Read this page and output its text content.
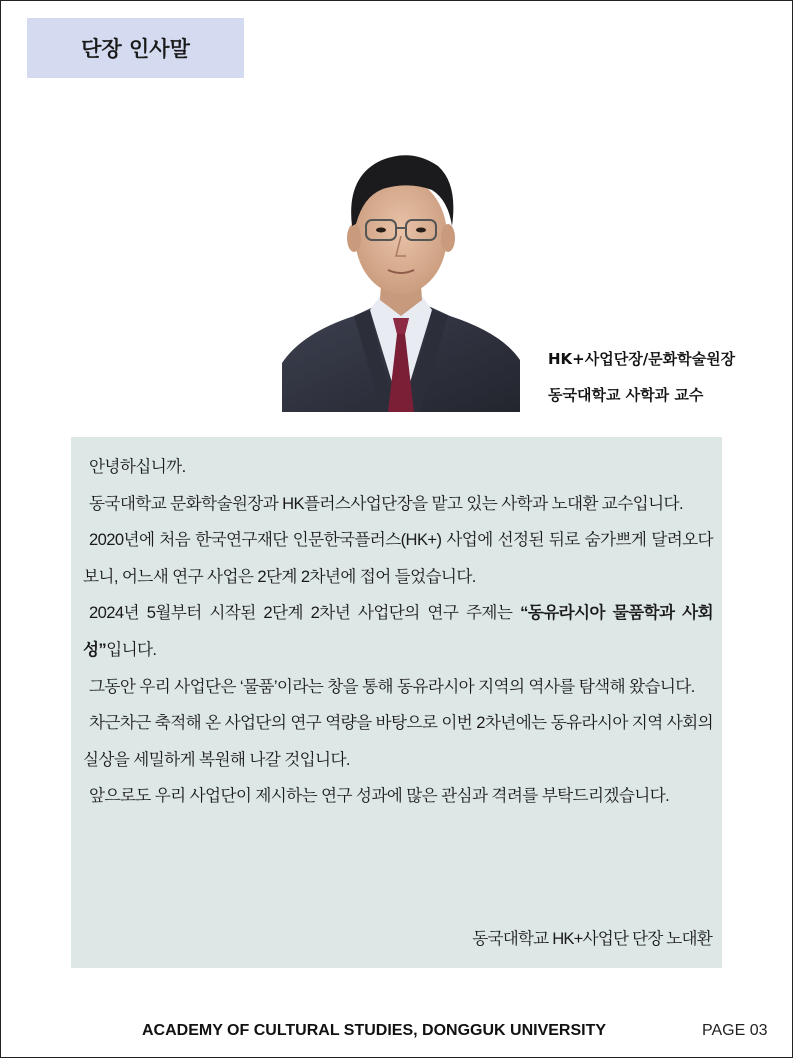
단장 인사말
HK+사업단장/문화학술원장
동국대학교 사학과 교수

안녕하십니까.

동국대학교 문화학술원장과 HK플러스사업단장을 맡고 있는 사학과 노대환 교수입니다.

2020년에 처음 한국연구재단 인문한국플러스(HK+) 사업에 선정된 뒤로 숨가쁘게 달려오다 보니, 어느새 연구 사업은 2단계 2차년에 접어 들었습니다.

2024년 5월부터 시작된 2단계 2차년 사업단의 연구 주제는 “동유라시아 물품학과 사회성”입니다.

그동안 우리 사업단은 ‘물품’이라는 창을 통해 동유라시아 지역의 역사를 탐색해 왔습니다.

차근차근 축적해 온 사업단의 연구 역량을 바탕으로 이번 2차년에는 동유라시아 지역 사회의 실상을 세밀하게 복원해 나갈 것입니다.

앞으로도 우리 사업단이 제시하는 연구 성과에 많은 관심과 격려를 부탁드리겠습니다.

동국대학교 HK+사업단 단장 노대환
ACADEMY OF CULTURAL STUDIES, DONGGUK UNIVERSITY	PAGE 03
